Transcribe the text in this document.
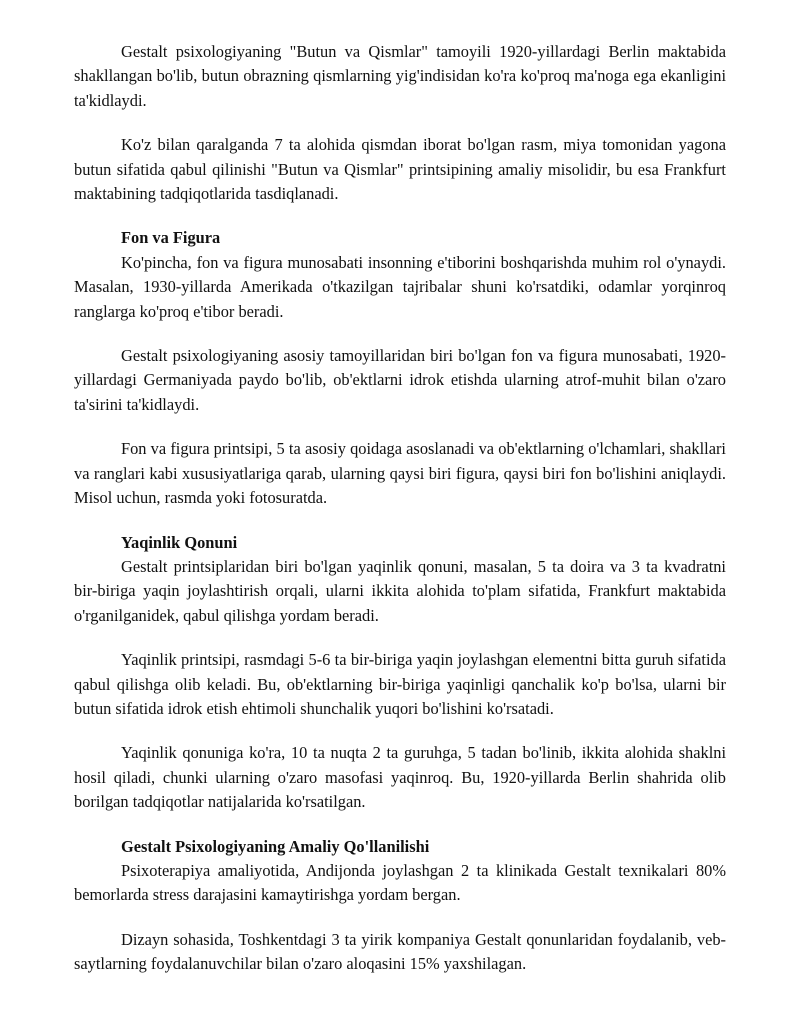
Gestalt psixologiyaning "Butun va Qismlar" tamoyili 1920-yillardagi Berlin maktabida shakllangan bo'lib, butun obrazning qismlarning yig'indisidan ko'ra ko'proq ma'noga ega ekanligini ta'kidlaydi.

Ko'z bilan qaralganda 7 ta alohida qismdan iborat bo'lgan rasm, miya tomonidan yagona butun sifatida qabul qilinishi "Butun va Qismlar" printsipining amaliy misolidir, bu esa Frankfurt maktabining tadqiqotlarida tasdiqlanadi.

Fon va Figura

Ko'pincha, fon va figura munosabati insonning e'tiborini boshqarishda muhim rol o'ynaydi. Masalan, 1930-yillarda Amerikada o'tkazilgan tajribalar shuni ko'rsatdiki, odamlar yorqinroq ranglarga ko'proq e'tibor beradi.

Gestalt psixologiyaning asosiy tamoyillaridan biri bo'lgan fon va figura munosabati, 1920-yillardagi Germaniyada paydo bo'lib, ob'ektlarni idrok etishda ularning atrof-muhit bilan o'zaro ta'sirini ta'kidlaydi.

Fon va figura printsipi, 5 ta asosiy qoidaga asoslanadi va ob'ektlarning o'lchamlari, shakllari va ranglari kabi xususiyatlariga qarab, ularning qaysi biri figura, qaysi biri fon bo'lishini aniqlaydi. Misol uchun, rasmda yoki fotosuratda.

Yaqinlik Qonuni

Gestalt printsiplaridan biri bo'lgan yaqinlik qonuni, masalan, 5 ta doira va 3 ta kvadratni bir-biriga yaqin joylashtirish orqali, ularni ikkita alohida to'plam sifatida, Frankfurt maktabida o'rganilganidek, qabul qilishga yordam beradi.

Yaqinlik printsipi, rasmdagi 5-6 ta bir-biriga yaqin joylashgan elementni bitta guruh sifatida qabul qilishga olib keladi. Bu, ob'ektlarning bir-biriga yaqinligi qanchalik ko'p bo'lsa, ularni bir butun sifatida idrok etish ehtimoli shunchalik yuqori bo'lishini ko'rsatadi.

Yaqinlik qonuniga ko'ra, 10 ta nuqta 2 ta guruhga, 5 tadan bo'linib, ikkita alohida shaklni hosil qiladi, chunki ularning o'zaro masofasi yaqinroq. Bu, 1920-yillarda Berlin shahrida olib borilgan tadqiqotlar natijalarida ko'rsatilgan.

Gestalt Psixologiyaning Amaliy Qo'llanilishi

Psixoterapiya amaliyotida, Andijonda joylashgan 2 ta klinikada Gestalt texnikalari 80% bemorlarda stress darajasini kamaytirishga yordam bergan.

Dizayn sohasida, Toshkentdagi 3 ta yirik kompaniya Gestalt qonunlaridan foydalanib, veb-saytlarning foydalanuvchilar bilan o'zaro aloqasini 15% yaxshilagan.
